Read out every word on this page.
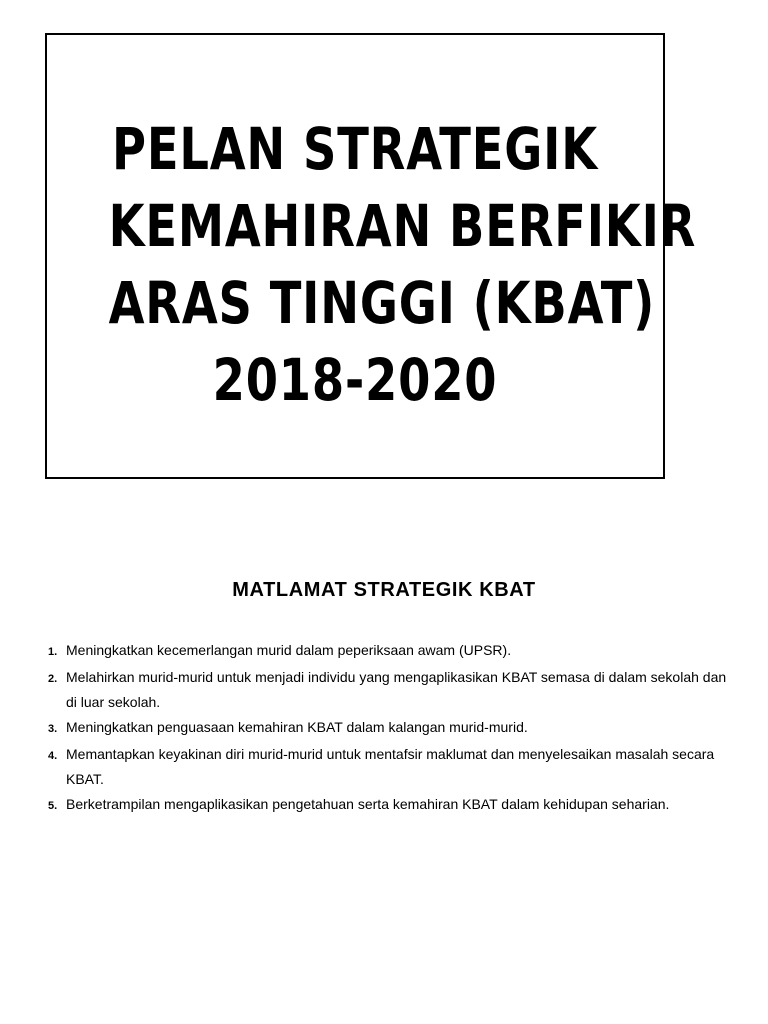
PELAN STRATEGIK
KEMAHIRAN BERFIKIR
ARAS TINGGI (KBAT)
2018-2020
MATLAMAT STRATEGIK KBAT
1. Meningkatkan kecemerlangan murid dalam peperiksaan awam (UPSR).
2. Melahirkan murid-murid untuk menjadi individu yang mengaplikasikan KBAT semasa di dalam sekolah dan di luar sekolah.
3. Meningkatkan penguasaan kemahiran KBAT dalam kalangan murid-murid.
4. Memantapkan keyakinan diri murid-murid untuk mentafsir maklumat dan menyelesaikan masalah secara KBAT.
5. Berketrampilan mengaplikasikan pengetahuan serta kemahiran KBAT dalam kehidupan seharian.
